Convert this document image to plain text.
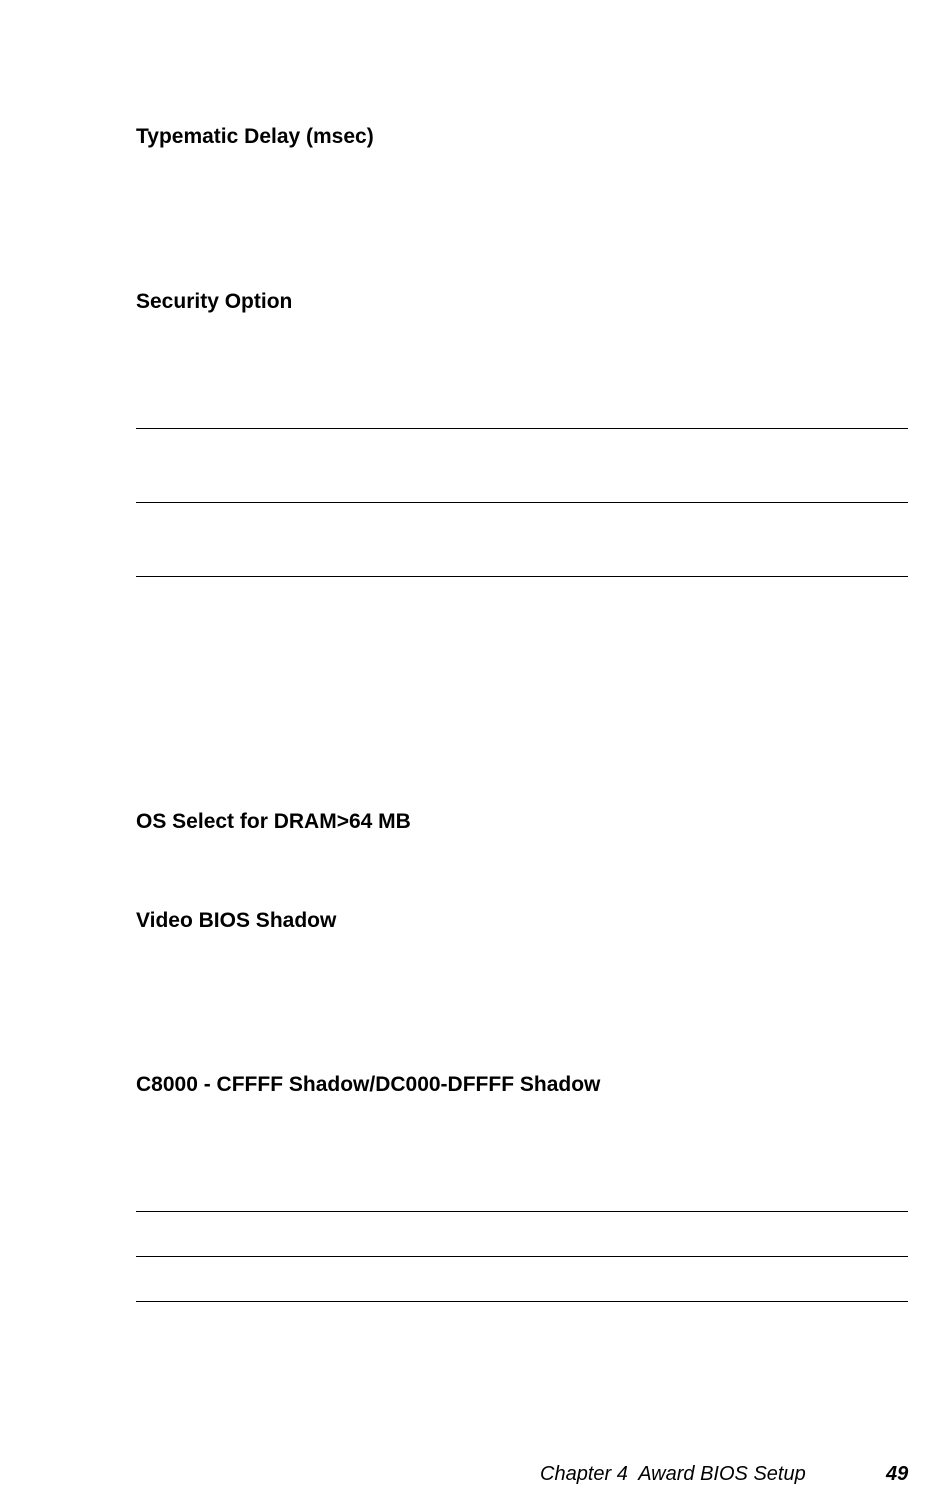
Typematic Delay (msec)
Security Option
OS Select for DRAM>64 MB
Video BIOS Shadow
C8000 - CFFFF Shadow/DC000-DFFFF Shadow
Chapter 4  Award BIOS Setup	49
